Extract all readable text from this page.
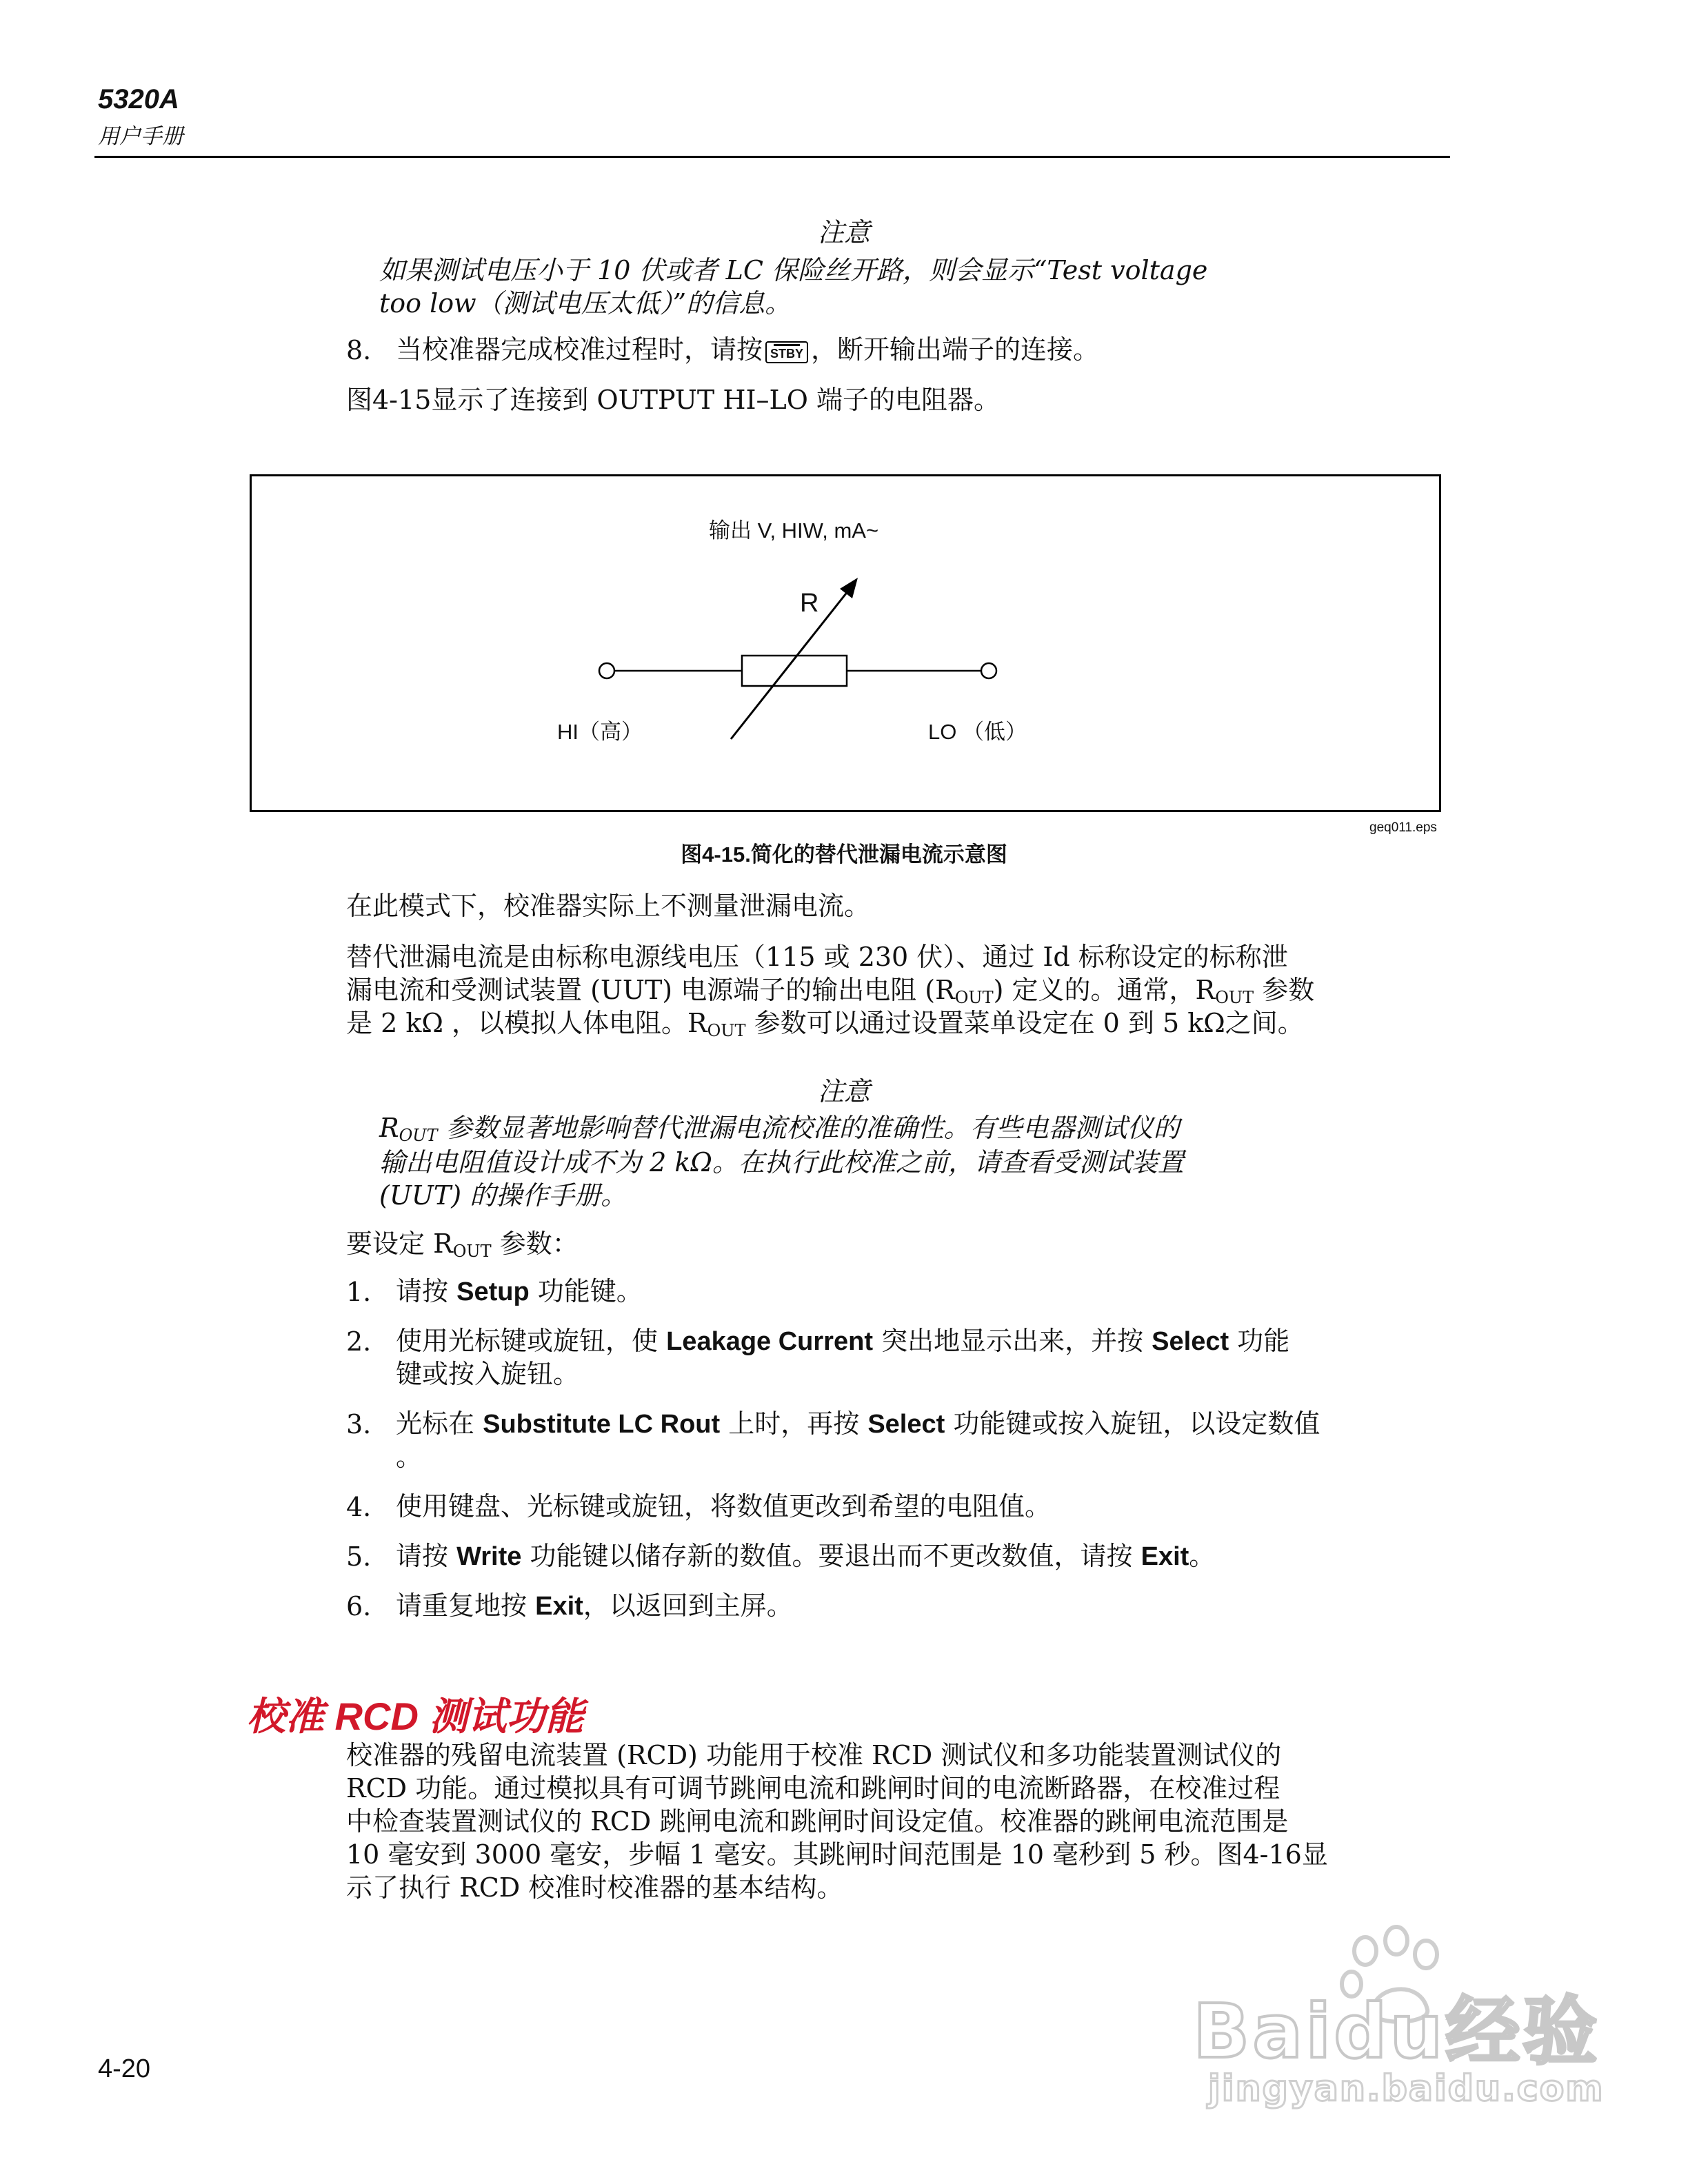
5320A
用户手册
注意
如果测试电压小于 10 伏或者 LC 保险丝开路，则会显示“Test voltage
too low（测试电压太低）”的信息。
8. 当校准器完成校准过程时，请按 STBY ，断开输出端子的连接。
图4-15显示了连接到 OUTPUT HI–LO 端子的电阻器。
输出 V, HIW, mA~
R
HI（高）	LO （低）
geq011.eps
图4-15.简化的替代泄漏电流示意图
在此模式下，校准器实际上不测量泄漏电流。
替代泄漏电流是由标称电源线电压（115 或 230 伏）、通过 Id 标称设定的标称泄
漏电流和受测试装置 (UUT) 电源端子的输出电阻 $(R_{OUT})$ 定义的。通常，$R_{OUT}$ 参数
是 2 kΩ ，以模拟人体电阻。$R_{OUT}$ 参数可以通过设置菜单设定在 0 到 5 kΩ之间。
注意
$R_{OUT}$ 参数显著地影响替代泄漏电流校准的准确性。有些电器测试仪的
输出电阻值设计成不为 2 kΩ。在执行此校准之前，请查看受测试装置
(UUT) 的操作手册。
要设定 $R_{OUT}$ 参数：
1. 请按 Setup 功能键。
2. 使用光标键或旋钮，使 Leakage Current 突出地显示出来，并按 Select 功能
键或按入旋钮。
3. 光标在 Substitute LC Rout 上时，再按 Select 功能键或按入旋钮，以设定数值
。
4. 使用键盘、光标键或旋钮，将数值更改到希望的电阻值。
5. 请按 Write 功能键以储存新的数值。要退出而不更改数值，请按 Exit。
6. 请重复地按 Exit，以返回到主屏。
校准 RCD 测试功能
校准器的残留电流装置 (RCD) 功能用于校准 RCD 测试仪和多功能装置测试仪的
RCD 功能。通过模拟具有可调节跳闸电流和跳闸时间的电流断路器，在校准过程
中检查装置测试仪的 RCD 跳闸电流和跳闸时间设定值。校准器的跳闸电流范围是
10 毫安到 3000 毫安，步幅 1 毫安。其跳闸时间范围是 10 毫秒到 5 秒。图4-16显
示了执行 RCD 校准时校准器的基本结构。
4-20	Baidu经验
jingyan.baidu.com
